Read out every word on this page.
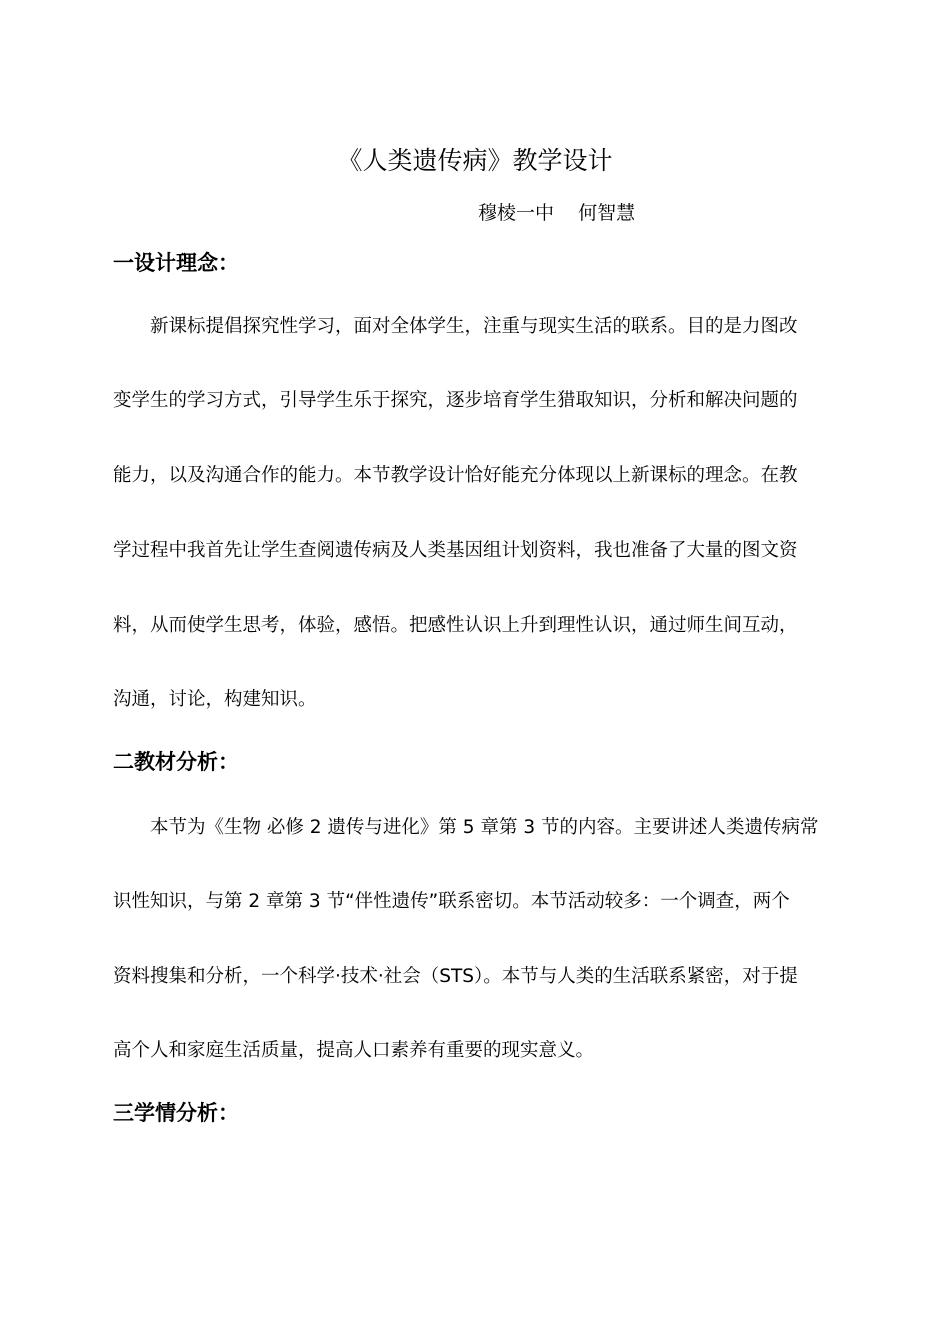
《人类遗传病》教学设计
穆棱一中    何智慧
一设计理念：
新课标提倡探究性学习，面对全体学生，注重与现实生活的联系。目的是力图改
变学生的学习方式，引导学生乐于探究，逐步培育学生猎取知识，分析和解决问题的
能力，以及沟通合作的能力。本节教学设计恰好能充分体现以上新课标的理念。在教
学过程中我首先让学生查阅遗传病及人类基因组计划资料，我也准备了大量的图文资
料，从而使学生思考，体验，感悟。把感性认识上升到理性认识，通过师生间互动，
沟通，讨论，构建知识。
二教材分析：
本节为《生物 必修 2 遗传与进化》第 5 章第 3 节的内容。主要讲述人类遗传病常
识性知识，与第 2 章第 3 节“伴性遗传”联系密切。本节活动较多：一个调查，两个
资料搜集和分析，一个科学·技术·社会（STS）。本节与人类的生活联系紧密，对于提
高个人和家庭生活质量，提高人口素养有重要的现实意义。
三学情分析：
